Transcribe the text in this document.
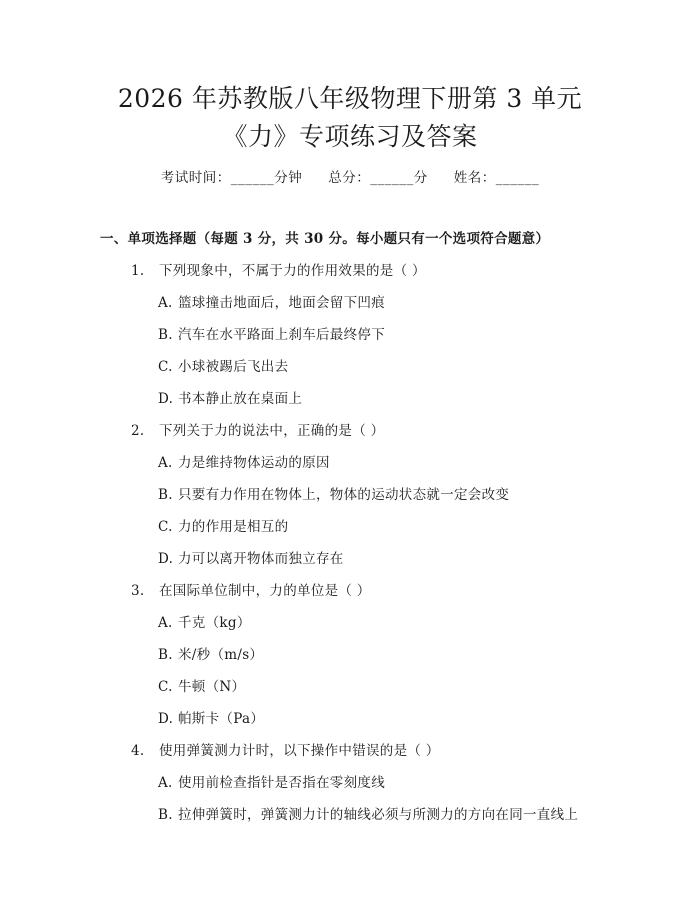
2026 年苏教版八年级物理下册第 3 单元
《力》专项练习及答案
考试时间：______分钟 总分：______分 姓名：______
一、单项选择题（每题 3 分，共 30 分。每小题只有一个选项符合题意）
1. 下列现象中，不属于力的作用效果的是（ ）
A. 篮球撞击地面后，地面会留下凹痕
B. 汽车在水平路面上刹车后最终停下
C. 小球被踢后飞出去
D. 书本静止放在桌面上
2. 下列关于力的说法中，正确的是（ ）
A. 力是维持物体运动的原因
B. 只要有力作用在物体上，物体的运动状态就一定会改变
C. 力的作用是相互的
D. 力可以离开物体而独立存在
3. 在国际单位制中，力的单位是（ ）
A. 千克（kg）
B. 米/秒（m/s）
C. 牛顿（N）
D. 帕斯卡（Pa）
4. 使用弹簧测力计时，以下操作中错误的是（ ）
A. 使用前检查指针是否指在零刻度线
B. 拉伸弹簧时，弹簧测力计的轴线必须与所测力的方向在同一直线上
